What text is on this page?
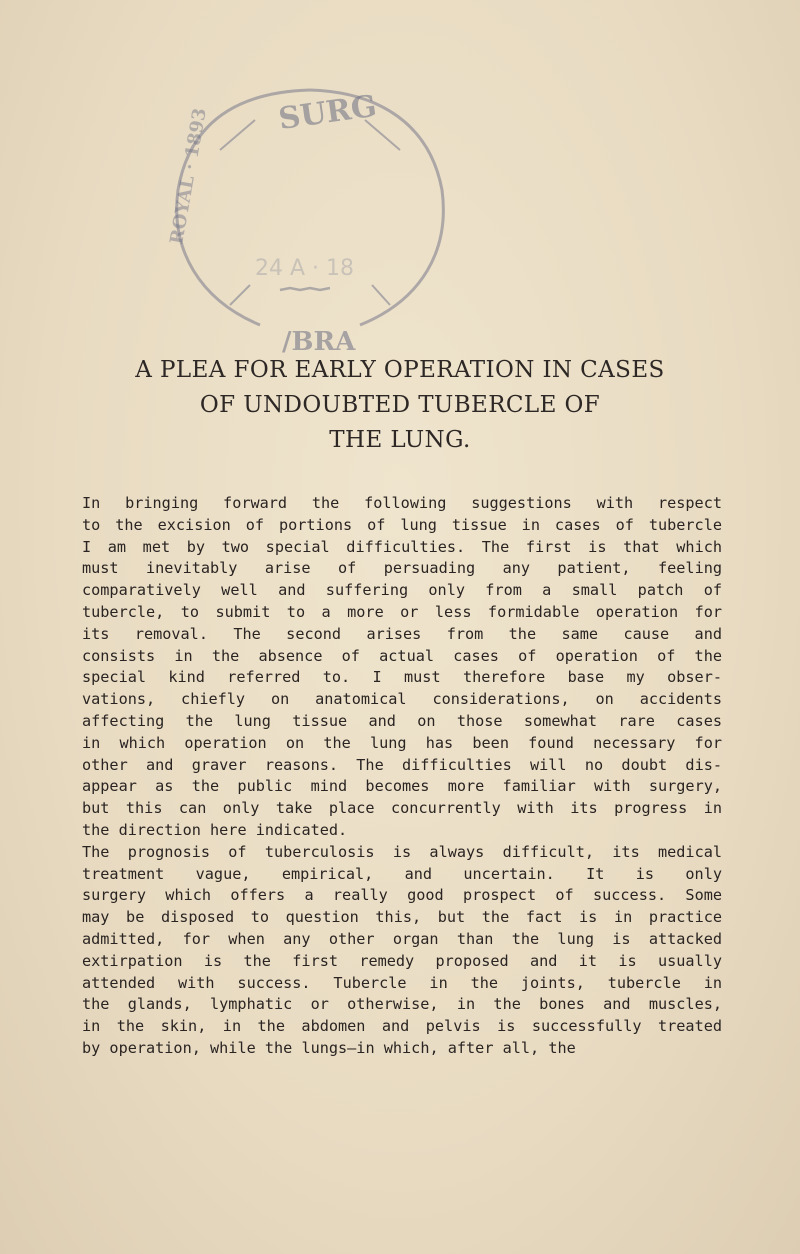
SURG
/BRA
24 A · 18
ROYAL · 1893
A PLEA FOR EARLY OPERATION IN CASES
OF UNDOUBTED TUBERCLE OF
THE LUNG.

In bringing forward the following suggestions with respect
to the excision of portions of lung tissue in cases of tubercle
I am met by two special difficulties. The first is that which
must inevitably arise of persuading any patient, feeling
comparatively well and suffering only from a small patch of
tubercle, to submit to a more or less formidable operation for
its removal. The second arises from the same cause and
consists in the absence of actual cases of operation of the
special kind referred to. I must therefore base my obser-
vations, chiefly on anatomical considerations, on accidents
affecting the lung tissue and on those somewhat rare cases
in which operation on the lung has been found necessary for
other and graver reasons. The difficulties will no doubt dis-
appear as the public mind becomes more familiar with surgery,
but this can only take place concurrently with its progress in
the direction here indicated.

The prognosis of tuberculosis is always difficult, its medical
treatment vague, empirical, and uncertain. It is only
surgery which offers a really good prospect of success. Some
may be disposed to question this, but the fact is in practice
admitted, for when any other organ than the lung is attacked
extirpation is the first remedy proposed and it is usually
attended with success. Tubercle in the joints, tubercle in
the glands, lymphatic or otherwise, in the bones and muscles,
in the skin, in the abdomen and pelvis is successfully treated
by operation, while the lungs—in which, after all, the
